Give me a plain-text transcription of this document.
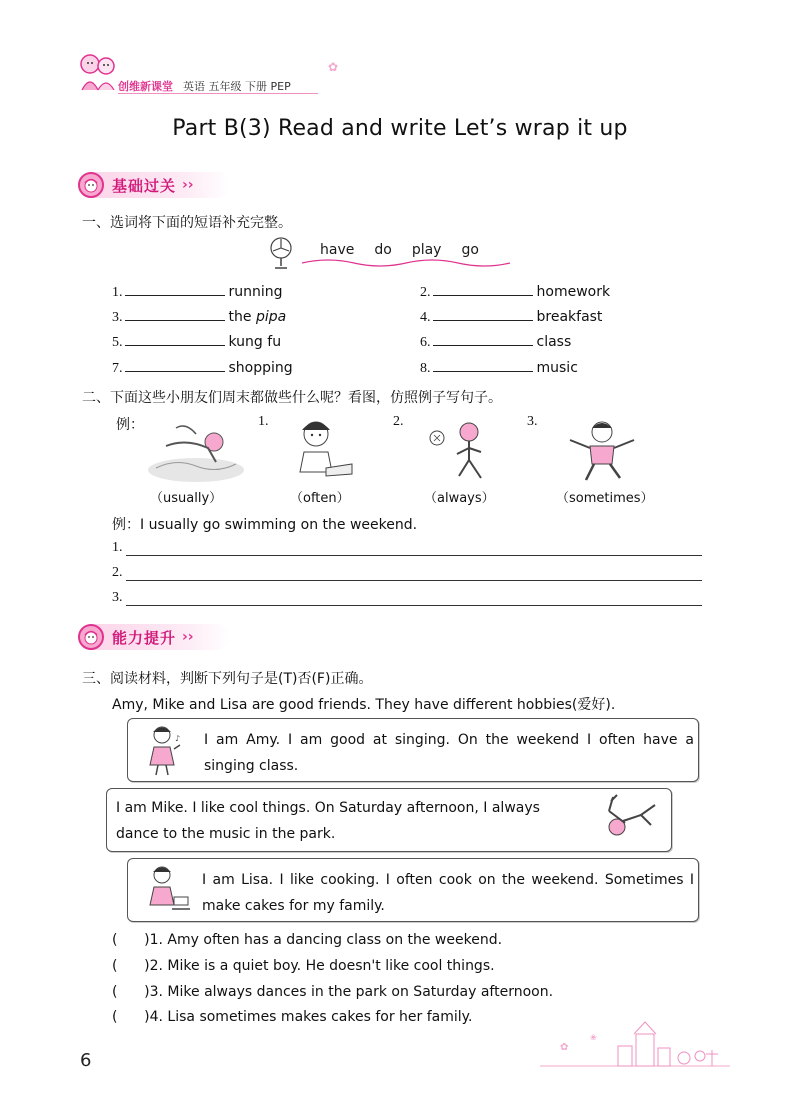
创维新课堂 英语 五年级 下册 PEP
✿
Part B(3) Read and write Let’s wrap it up
基础过关 ››
一、选词将下面的短语补充完整。
have do play go
1.	running
3.	the pipa
5.	kung fu
7.	shopping
2.	homework
4.	breakfast
6.	class
8.	music
二、下面这些小朋友们周末都做些什么呢？看图，仿照例子写句子。
例：	1.	2.	3.
（usually）	（often）	（always）	（sometimes）
例：I usually go swimming on the weekend.
1.
2.
3.
能力提升 ››
三、阅读材料，判断下列句子是(T)否(F)正确。
Amy, Mike and Lisa are good friends. They have different hobbies(爱好).
♪ I am Amy. I am good at singing. On the weekend I often have a singing class.
I am Mike. I like cool things. On Saturday afternoon, I always dance to the music in the park.
I am Lisa. I like cooking. I often cook on the weekend. Sometimes I make cakes for my family.
(      )1. Amy often has a dancing class on the weekend.
(      )2. Mike is a quiet boy. He doesn't like cool things.
(      )3. Mike always dances in the park on Saturday afternoon.
(      )4. Lisa sometimes makes cakes for her family.
✿
❀
6
